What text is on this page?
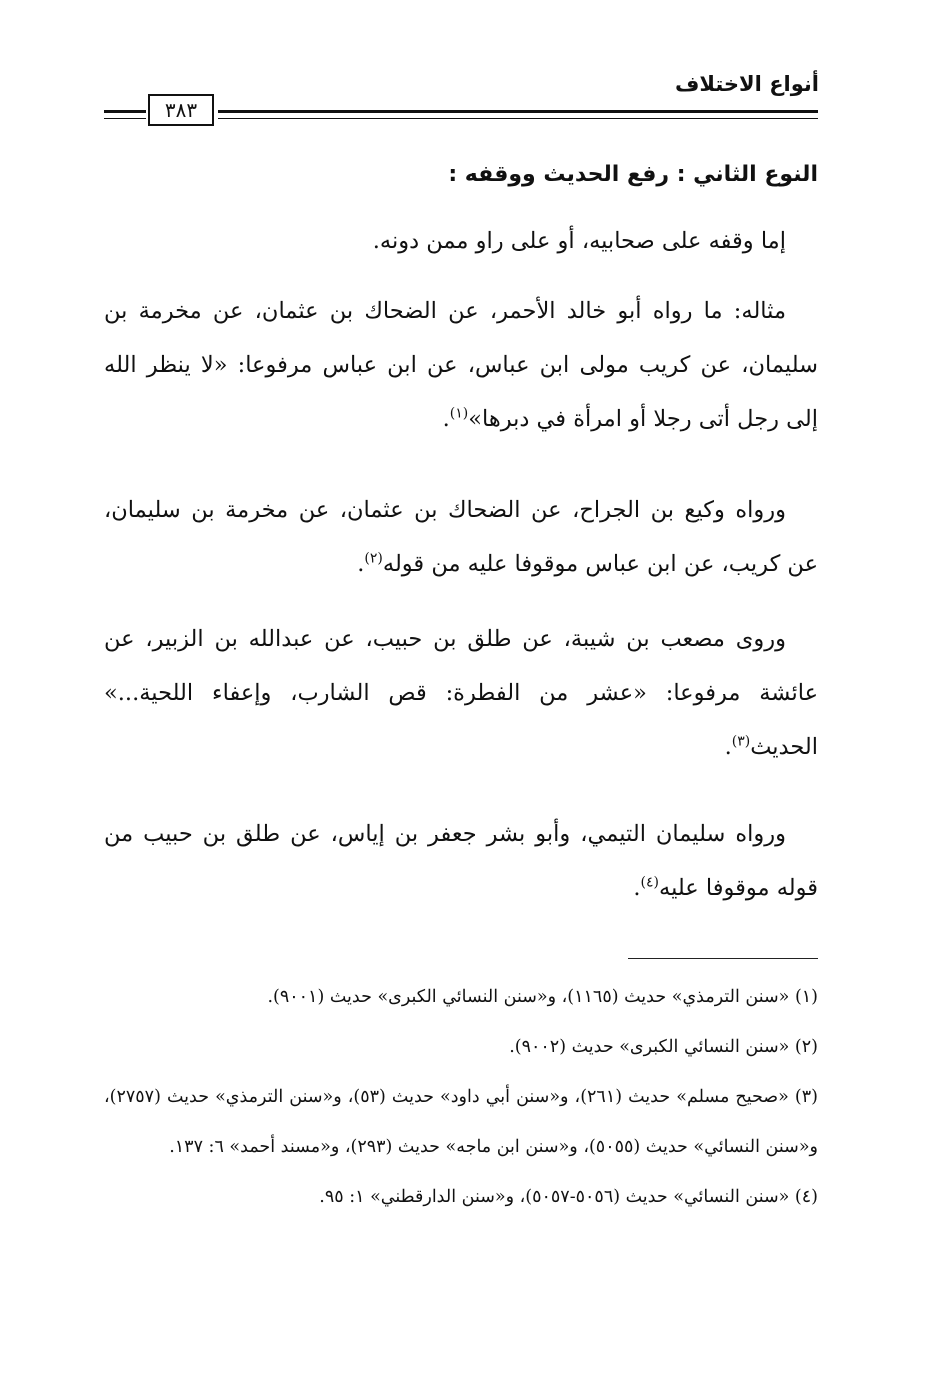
أنواع الاختلاف
٣٨٣
النوع الثاني : رفع الحديث ووقفه :

إما وقفه على صحابيه، أو على راو ممن دونه.

مثاله: ما رواه أبو خالد الأحمر، عن الضحاك بن عثمان، عن مخرمة بن سليمان، عن كريب مولى ابن عباس، عن ابن عباس مرفوعا: «لا ينظر الله إلى رجل أتى رجلا أو امرأة في دبرها»$^{(١)}$.

ورواه وكيع بن الجراح، عن الضحاك بن عثمان، عن مخرمة بن سليمان، عن كريب، عن ابن عباس موقوفا عليه من قوله$^{(٢)}$.

وروى مصعب بن شيبة، عن طلق بن حبيب، عن عبدالله بن الزبير، عن عائشة مرفوعا: «عشر من الفطرة: قص الشارب، وإعفاء اللحية...» الحديث$^{(٣)}$.

ورواه سليمان التيمي، وأبو بشر جعفر بن إياس، عن طلق بن حبيب من قوله موقوفا عليه$^{(٤)}$.

(١) «سنن الترمذي» حديث (١١٦٥)، و«سنن النسائي الكبرى» حديث (٩٠٠١).

(٢) «سنن النسائي الكبرى» حديث (٩٠٠٢).

(٣) «صحيح مسلم» حديث (٢٦١)، و«سنن أبي داود» حديث (٥٣)، و«سنن الترمذي» حديث (٢٧٥٧)، و«سنن النسائي» حديث (٥٠٥٥)، و«سنن ابن ماجه» حديث (٢٩٣)، و«مسند أحمد» ٦: ١٣٧.

(٤) «سنن النسائي» حديث (٥٠٥٦-٥٠٥٧)، و«سنن الدارقطني» ١: ٩٥.
